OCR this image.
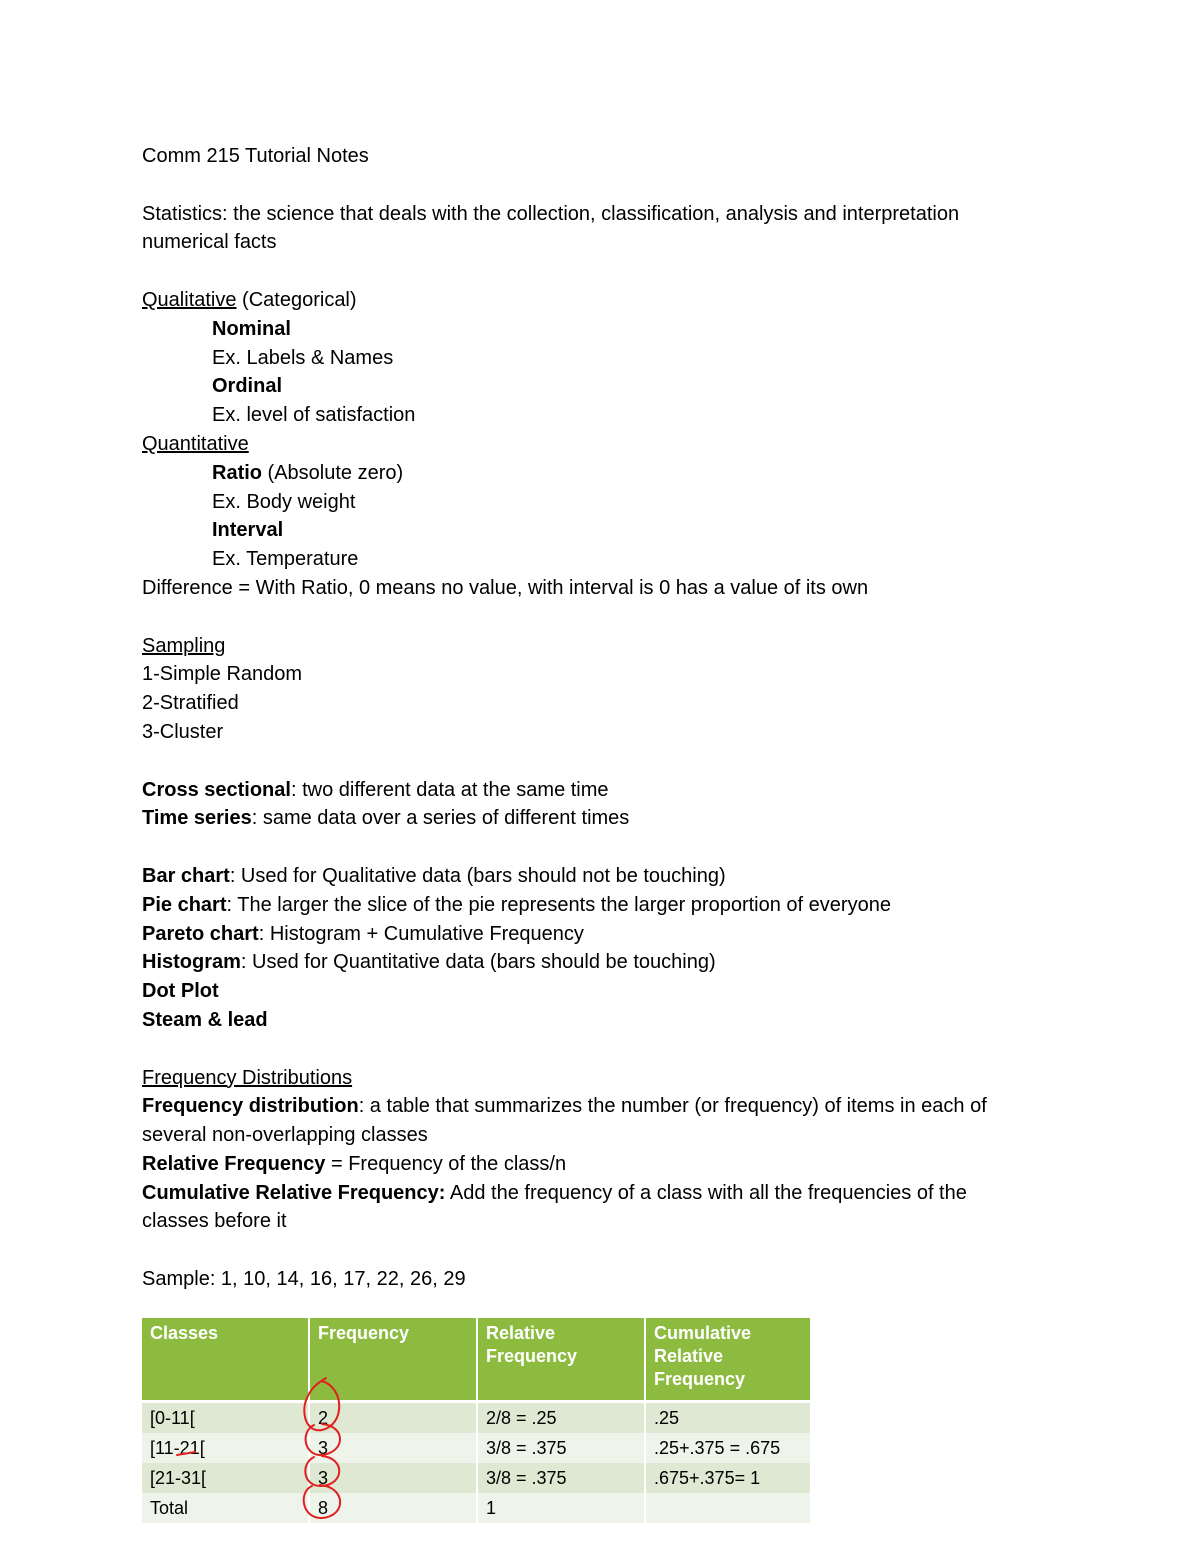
Comm 215 Tutorial Notes
Statistics: the science that deals with the collection, classification, analysis and interpretation
numerical facts
Qualitative (Categorical)
Nominal
Ex. Labels & Names
Ordinal
Ex. level of satisfaction
Quantitative
Ratio (Absolute zero)
Ex. Body weight
Interval
Ex. Temperature
Difference = With Ratio, 0 means no value, with interval is 0 has a value of its own
Sampling
1-Simple Random
2-Stratified
3-Cluster
Cross sectional: two different data at the same time
Time series: same data over a series of different times
Bar chart: Used for Qualitative data (bars should not be touching)
Pie chart: The larger the slice of the pie represents the larger proportion of everyone
Pareto chart: Histogram + Cumulative Frequency
Histogram: Used for Quantitative data (bars should be touching)
Dot Plot
Steam & lead
Frequency Distributions
Frequency distribution: a table that summarizes the number (or frequency) of items in each of
several non-overlapping classes
Relative Frequency = Frequency of the class/n
Cumulative Relative Frequency: Add the frequency of a class with all the frequencies of the
classes before it
Sample: 1, 10, 14, 16, 17, 22, 26, 29
Classes	Frequency	Relative Frequency	Cumulative Relative Frequency
[0-11[	2	2/8 = .25	.25
[11-21[	3	3/8 = .375	.25+.375 = .675
[21-31[	3	3/8 = .375	.675+.375= 1
Total	8	1	
